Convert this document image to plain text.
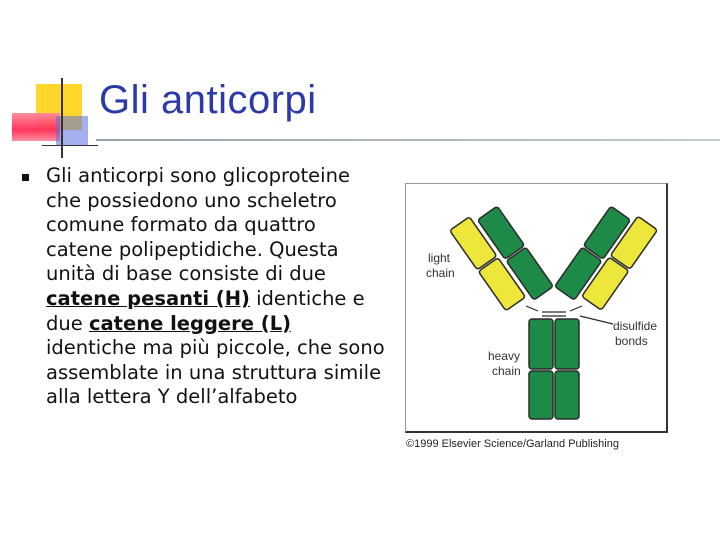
Gli anticorpi
Gli anticorpi sono glicoproteine che possiedono uno scheletro comune formato da quattro catene polipeptidiche. Questa unità di base consiste di due catene pesanti (H) identiche e due catene leggere (L) identiche ma più piccole, che sono assemblate in una struttura simile alla lettera Y dell’alfabeto
light
chain
disulfide
bonds
heavy
chain
©1999 Elsevier Science/Garland Publishing
